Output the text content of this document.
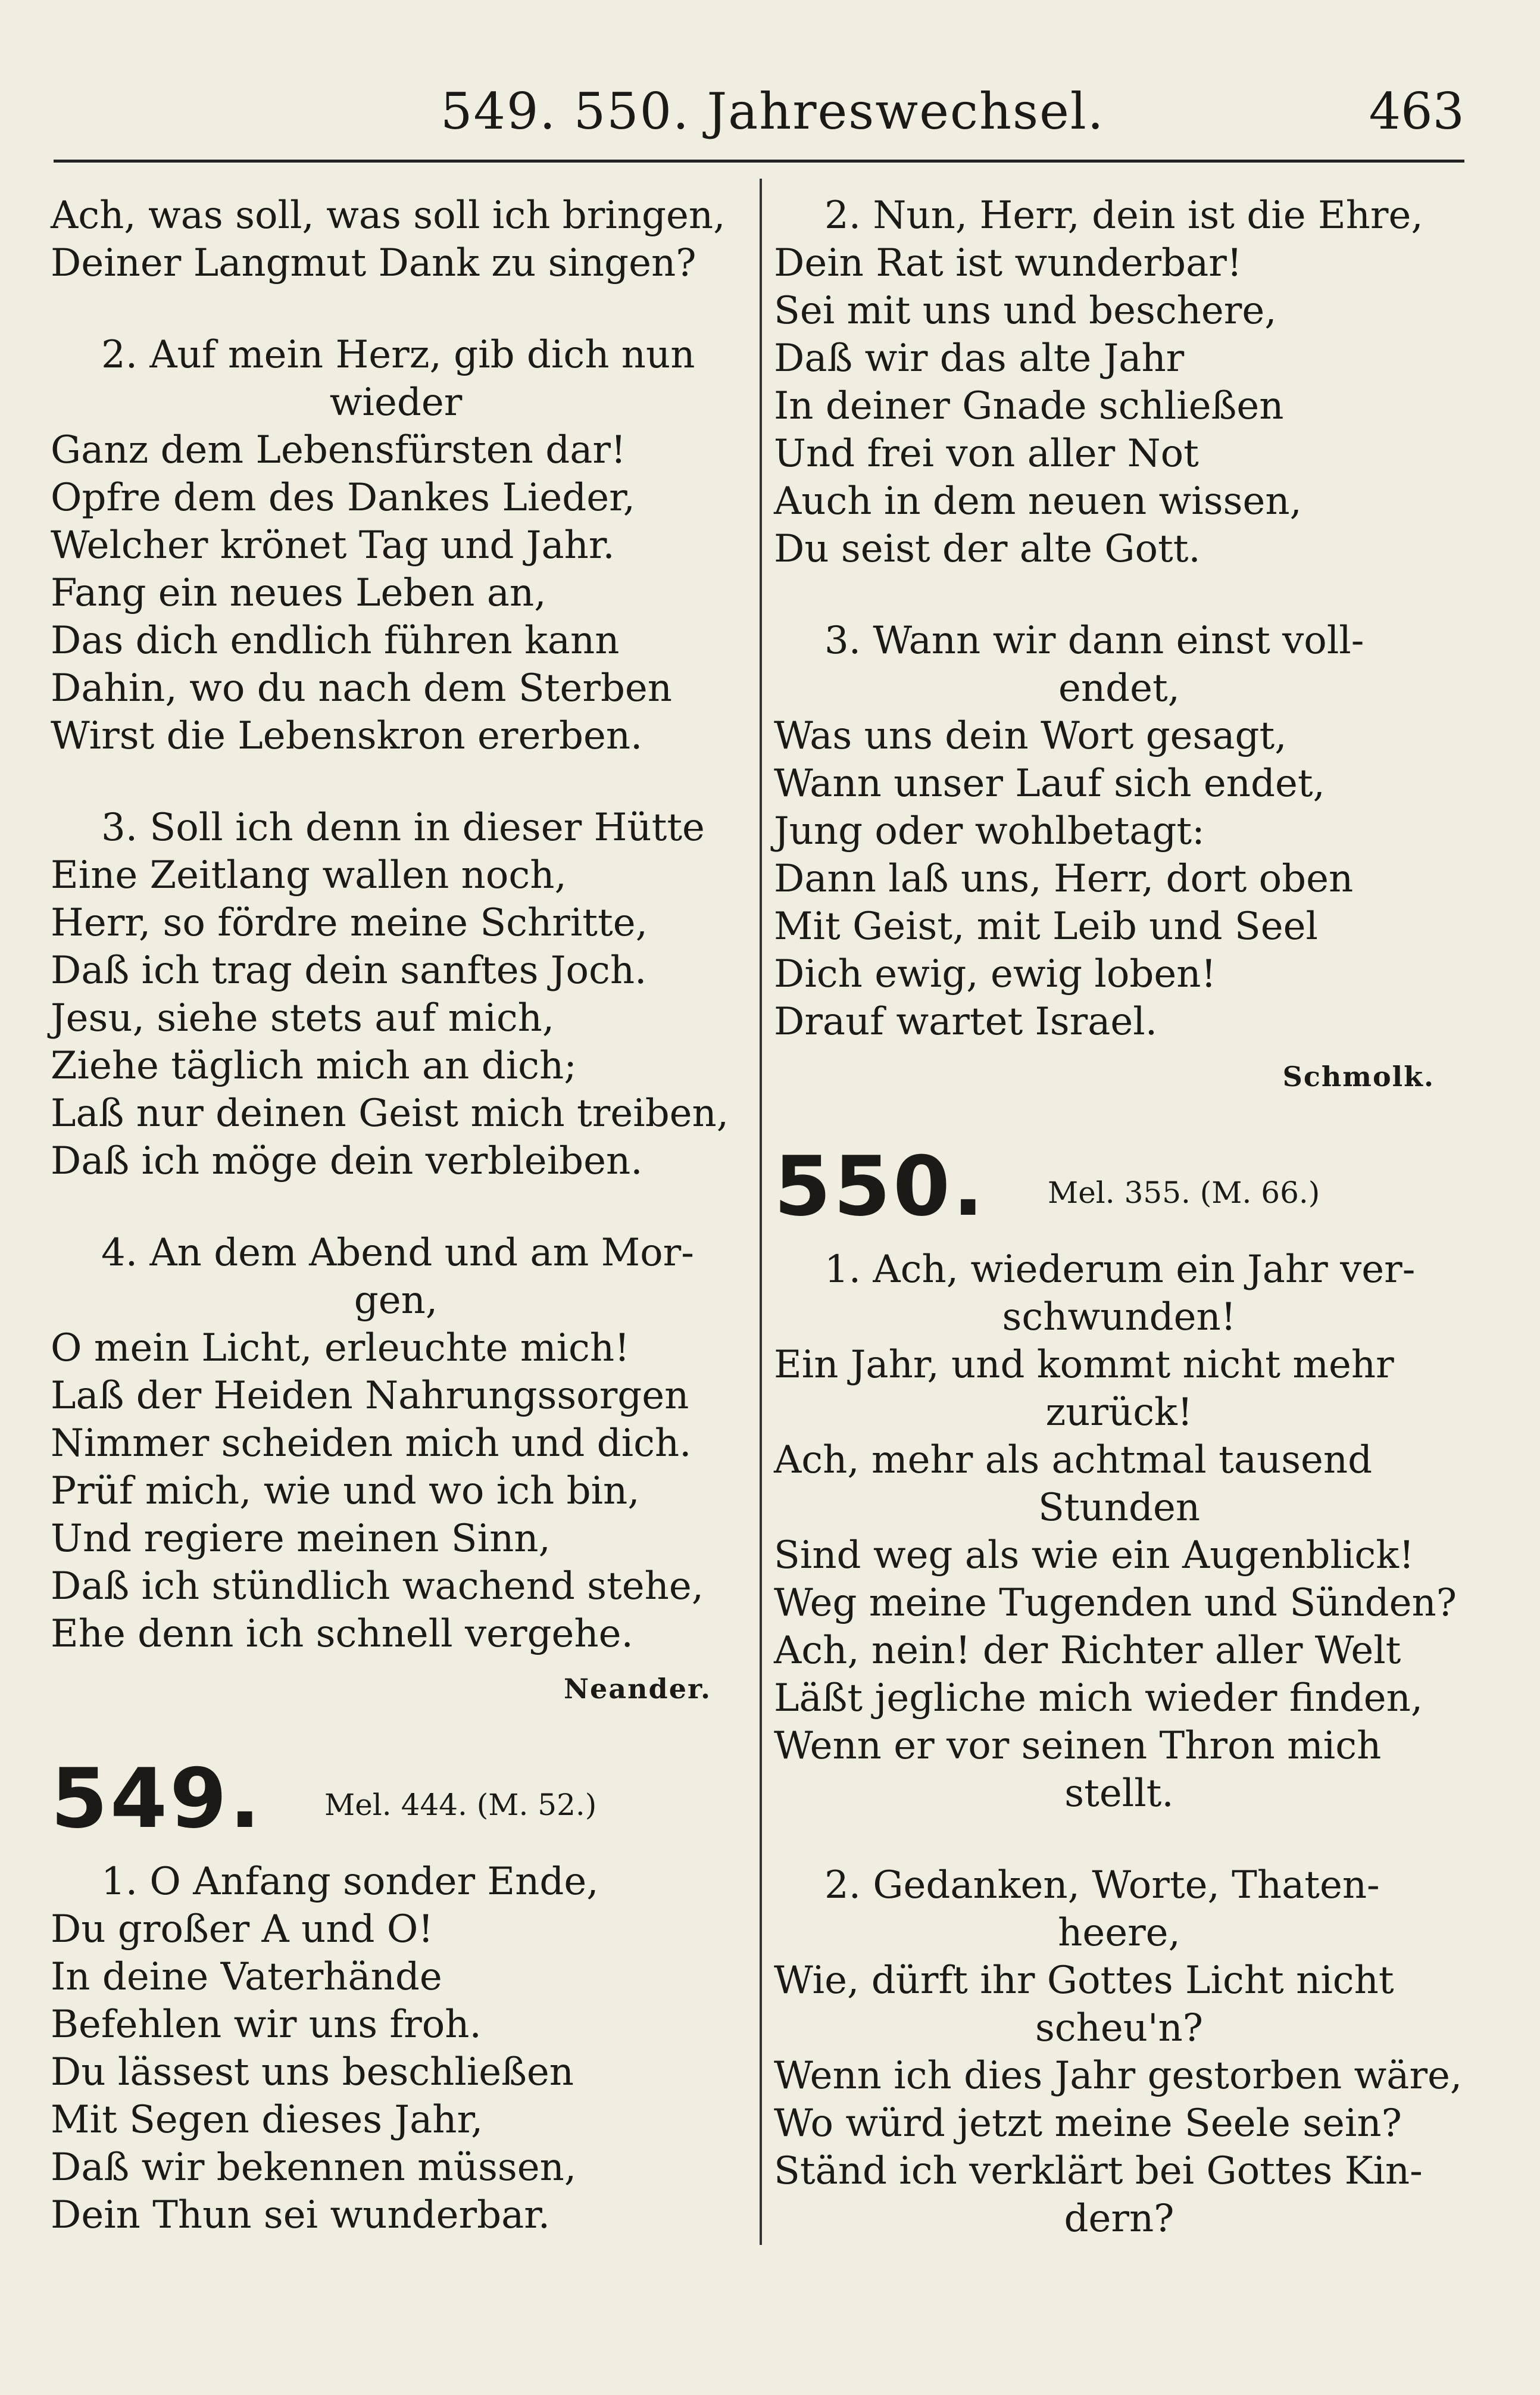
549. 550. Jahreswechsel.	463
Ach, was soll, was soll ich bringen,
Deiner Langmut Dank zu singen?
2. Auf mein Herz, gib dich nun
wieder
Ganz dem Lebensfürsten dar!
Opfre dem des Dankes Lieder,
Welcher krönet Tag und Jahr.
Fang ein neues Leben an,
Das dich endlich führen kann
Dahin, wo du nach dem Sterben
Wirst die Lebenskron ererben.
3. Soll ich denn in dieser Hütte
Eine Zeitlang wallen noch,
Herr, so fördre meine Schritte,
Daß ich trag dein sanftes Joch.
Jesu, siehe stets auf mich,
Ziehe täglich mich an dich;
Laß nur deinen Geist mich treiben,
Daß ich möge dein verbleiben.
4. An dem Abend und am Mor-
gen,
O mein Licht, erleuchte mich!
Laß der Heiden Nahrungssorgen
Nimmer scheiden mich und dich.
Prüf mich, wie und wo ich bin,
Und regiere meinen Sinn,
Daß ich stündlich wachend stehe,
Ehe denn ich schnell vergehe.
Neander.
549. Mel. 444. (M. 52.)
1. O Anfang sonder Ende,
Du großer A und O!
In deine Vaterhände
Befehlen wir uns froh.
Du lässest uns beschließen
Mit Segen dieses Jahr,
Daß wir bekennen müssen,
Dein Thun sei wunderbar.
2. Nun, Herr, dein ist die Ehre,
Dein Rat ist wunderbar!
Sei mit uns und beschere,
Daß wir das alte Jahr
In deiner Gnade schließen
Und frei von aller Not
Auch in dem neuen wissen,
Du seist der alte Gott.
3. Wann wir dann einst voll-
endet,
Was uns dein Wort gesagt,
Wann unser Lauf sich endet,
Jung oder wohlbetagt:
Dann laß uns, Herr, dort oben
Mit Geist, mit Leib und Seel
Dich ewig, ewig loben!
Drauf wartet Israel.
Schmolk.
550. Mel. 355. (M. 66.)
1. Ach, wiederum ein Jahr ver-
schwunden!
Ein Jahr, und kommt nicht mehr
zurück!
Ach, mehr als achtmal tausend
Stunden
Sind weg als wie ein Augenblick!
Weg meine Tugenden und Sünden?
Ach, nein! der Richter aller Welt
Läßt jegliche mich wieder finden,
Wenn er vor seinen Thron mich
stellt.
2. Gedanken, Worte, Thaten-
heere,
Wie, dürft ihr Gottes Licht nicht
scheu'n?
Wenn ich dies Jahr gestorben wäre,
Wo würd jetzt meine Seele sein?
Ständ ich verklärt bei Gottes Kin-
dern?
